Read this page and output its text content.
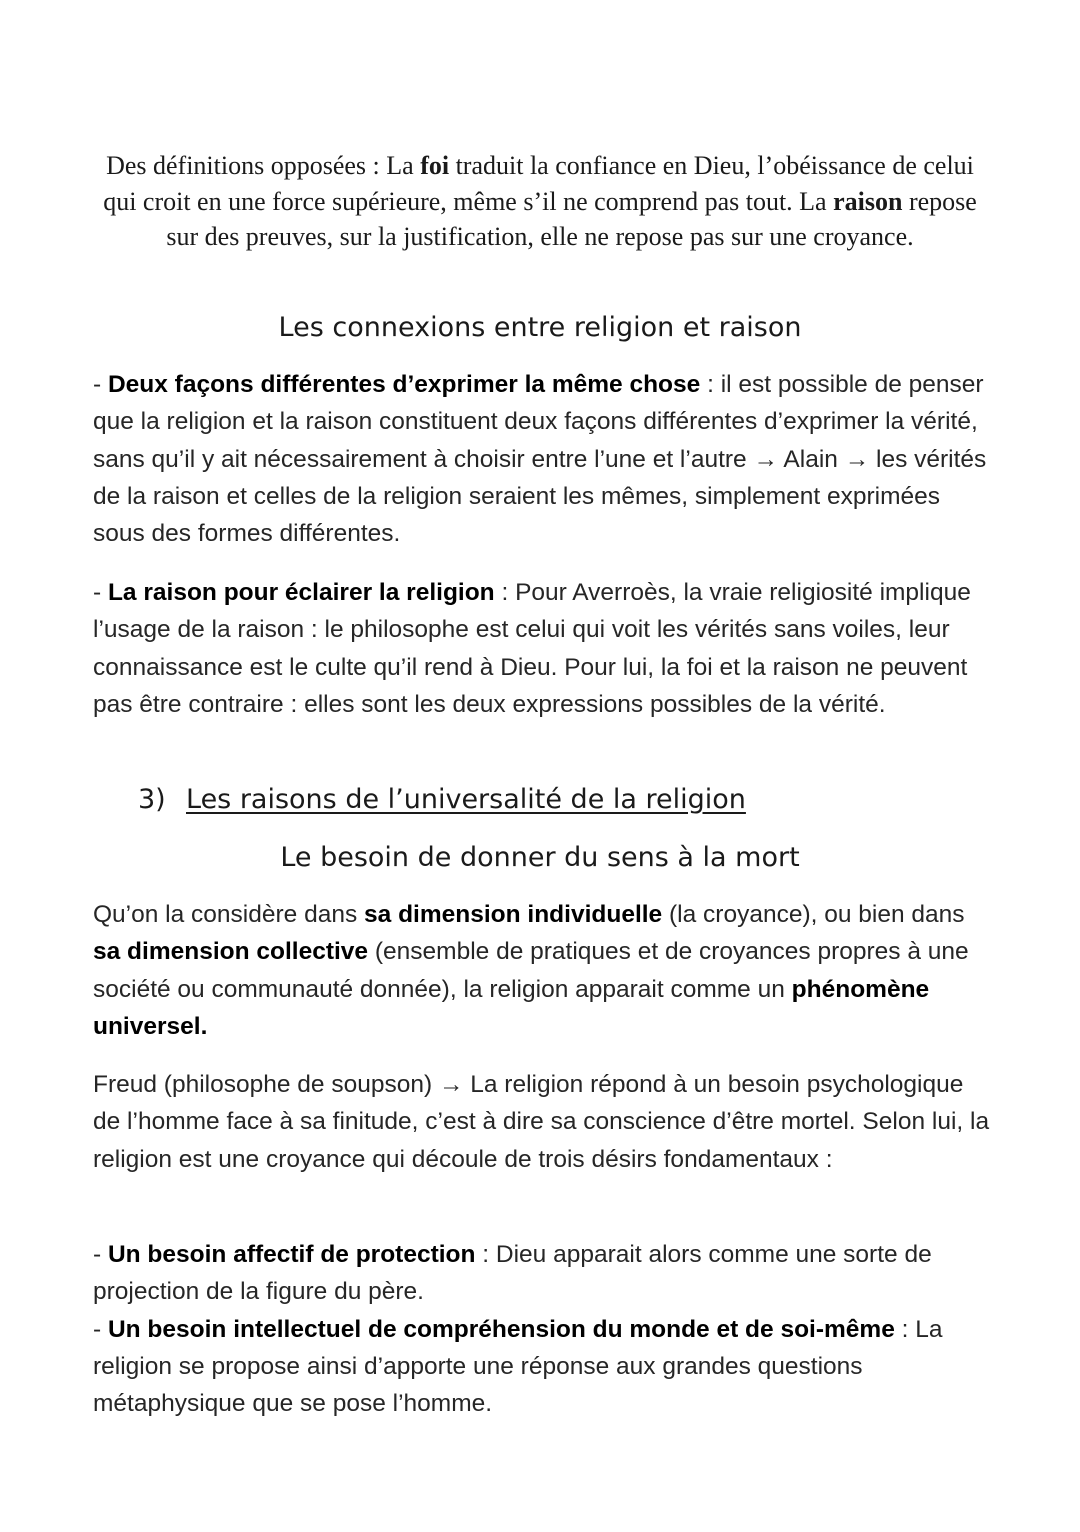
Des définitions opposées : La foi traduit la confiance en Dieu, l’obéissance de celui qui croit en une force supérieure, même s’il ne comprend pas tout. La raison repose sur des preuves, sur la justification, elle ne repose pas sur une croyance.

Les connexions entre religion et raison

- Deux façons différentes d’exprimer la même chose : il est possible de penser que la religion et la raison constituent deux façons différentes d’exprimer la vérité, sans qu’il y ait nécessairement à choisir entre l’une et l’autre → Alain → les vérités de la raison et celles de la religion seraient les mêmes, simplement exprimées sous des formes différentes.

- La raison pour éclairer la religion : Pour Averroès, la vraie religiosité implique l’usage de la raison : le philosophe est celui qui voit les vérités sans voiles, leur connaissance est le culte qu’il rend à Dieu. Pour lui, la foi et la raison ne peuvent pas être contraire : elles sont les deux expressions possibles de la vérité.

3) Les raisons de l’universalité de la religion
Le besoin de donner du sens à la mort

Qu’on la considère dans sa dimension individuelle (la croyance), ou bien dans sa dimension collective (ensemble de pratiques et de croyances propres à une société ou communauté donnée), la religion apparait comme un phénomène universel.

Freud (philosophe de soupson) → La religion répond à un besoin psychologique de l’homme face à sa finitude, c’est à dire sa conscience d’être mortel. Selon lui, la religion est une croyance qui découle de trois désirs fondamentaux :

- Un besoin affectif de protection : Dieu apparait alors comme une sorte de projection de la figure du père.
- Un besoin intellectuel de compréhension du monde et de soi-même : La religion se propose ainsi d’apporte une réponse aux grandes questions métaphysique que se pose l’homme.
